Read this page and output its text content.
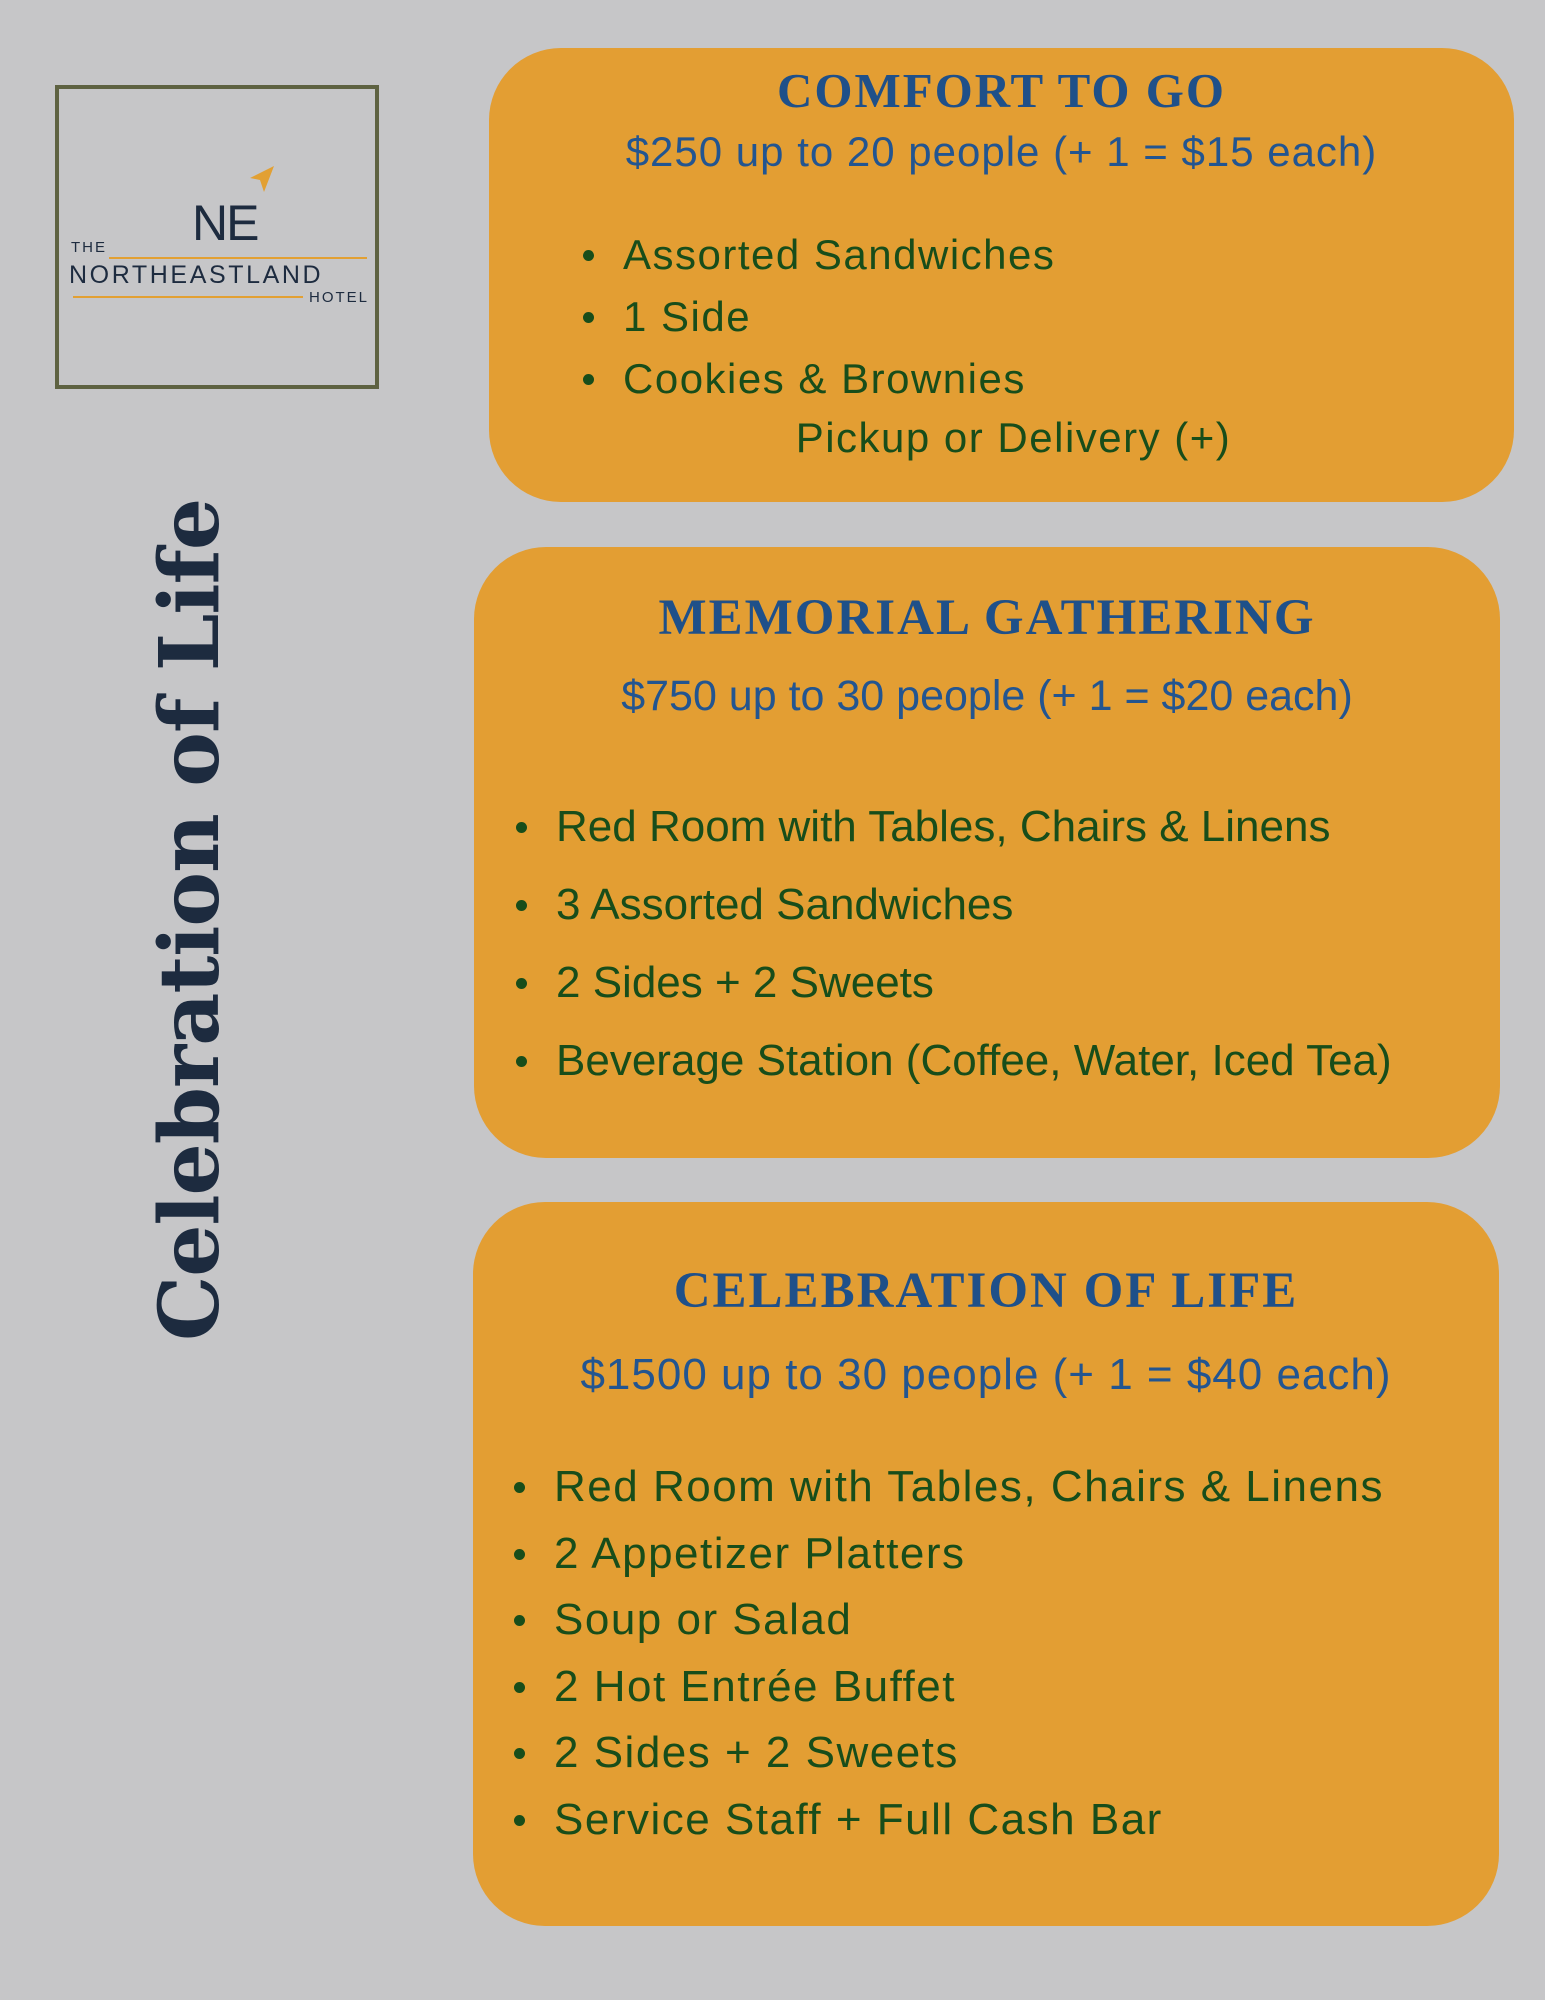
NE
THE
NORTHEASTLAND
HOTEL
Celebration of Life
COMFORT TO GO

$250 up to 20 people (+ 1 = $15 each)

Assorted Sandwiches
1 Side
Cookies & Brownies
Pickup or Delivery (+)
MEMORIAL GATHERING

$750 up to 30 people (+ 1 = $20 each)

Red Room with Tables, Chairs & Linens
3 Assorted Sandwiches
2 Sides + 2 Sweets
Beverage Station (Coffee, Water, Iced Tea)
CELEBRATION OF LIFE

$1500 up to 30 people (+ 1 = $40 each)

Red Room with Tables, Chairs & Linens
2 Appetizer Platters
Soup or Salad
2 Hot Entrée Buffet
2 Sides + 2 Sweets
Service Staff + Full Cash Bar
